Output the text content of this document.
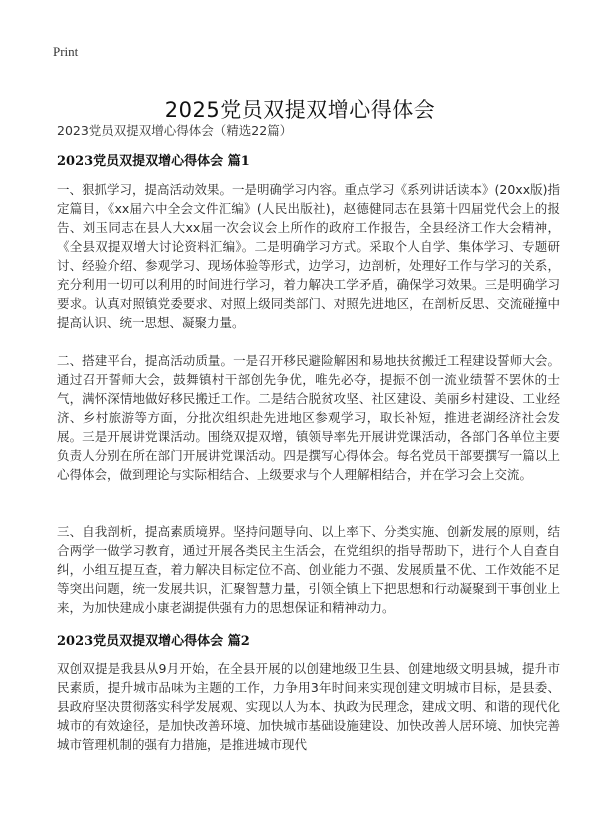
Print
2025党员双提双增心得体会
2023党员双提双增心得体会（精选22篇）
2023党员双提双增心得体会 篇1

一、狠抓学习，提高活动效果。一是明确学习内容。重点学习《系列讲话读本》(20xx版)指定篇目，《xx届六中全会文件汇编》(人民出版社)，赵德健同志在县第十四届党代会上的报告、刘玉同志在县人大xx届一次会议会上所作的政府工作报告，全县经济工作大会精神，《全县双提双增大讨论资料汇编》。二是明确学习方式。采取个人自学、集体学习、专题研讨、经验介绍、参观学习、现场体验等形式，边学习，边剖析，处理好工作与学习的关系，充分利用一切可以利用的时间进行学习，着力解决工学矛盾，确保学习效果。三是明确学习要求。认真对照镇党委要求、对照上级同类部门、对照先进地区，在剖析反思、交流碰撞中提高认识、统一思想、凝聚力量。

二、搭建平台，提高活动质量。一是召开移民避险解困和易地扶贫搬迁工程建设誓师大会。通过召开誓师大会，鼓舞镇村干部创先争优，唯先必夺，提振不创一流业绩誓不罢休的士气，满怀深情地做好移民搬迁工作。二是结合脱贫攻坚、社区建设、美丽乡村建设、工业经济、乡村旅游等方面，分批次组织赴先进地区参观学习，取长补短，推进老湖经济社会发展。三是开展讲党课活动。围绕双提双增，镇领导率先开展讲党课活动，各部门各单位主要负责人分别在所在部门开展讲党课活动。四是撰写心得体会。每名党员干部要撰写一篇以上心得体会，做到理论与实际相结合、上级要求与个人理解相结合，并在学习会上交流。

三、自我剖析，提高素质境界。坚持问题导向、以上率下、分类实施、创新发展的原则，结合两学一做学习教育，通过开展各类民主生活会，在党组织的指导帮助下，进行个人自查自纠，小组互提互查，着力解决目标定位不高、创业能力不强、发展质量不优、工作效能不足等突出问题，统一发展共识，汇聚智慧力量，引领全镇上下把思想和行动凝聚到干事创业上来，为加快建成小康老湖提供强有力的思想保证和精神动力。

2023党员双提双增心得体会 篇2

双创双提是我县从9月开始，在全县开展的以创建地级卫生县、创建地级文明县城，提升市民素质，提升城市品味为主题的工作，力争用3年时间来实现创建文明城市目标，是县委、县政府坚决贯彻落实科学发展观、实现以人为本、执政为民理念，建成文明、和谐的现代化城市的有效途径，是加快改善环境、加快城市基础设施建设、加快改善人居环境、加快完善城市管理机制的强有力措施，是推进城市现代
